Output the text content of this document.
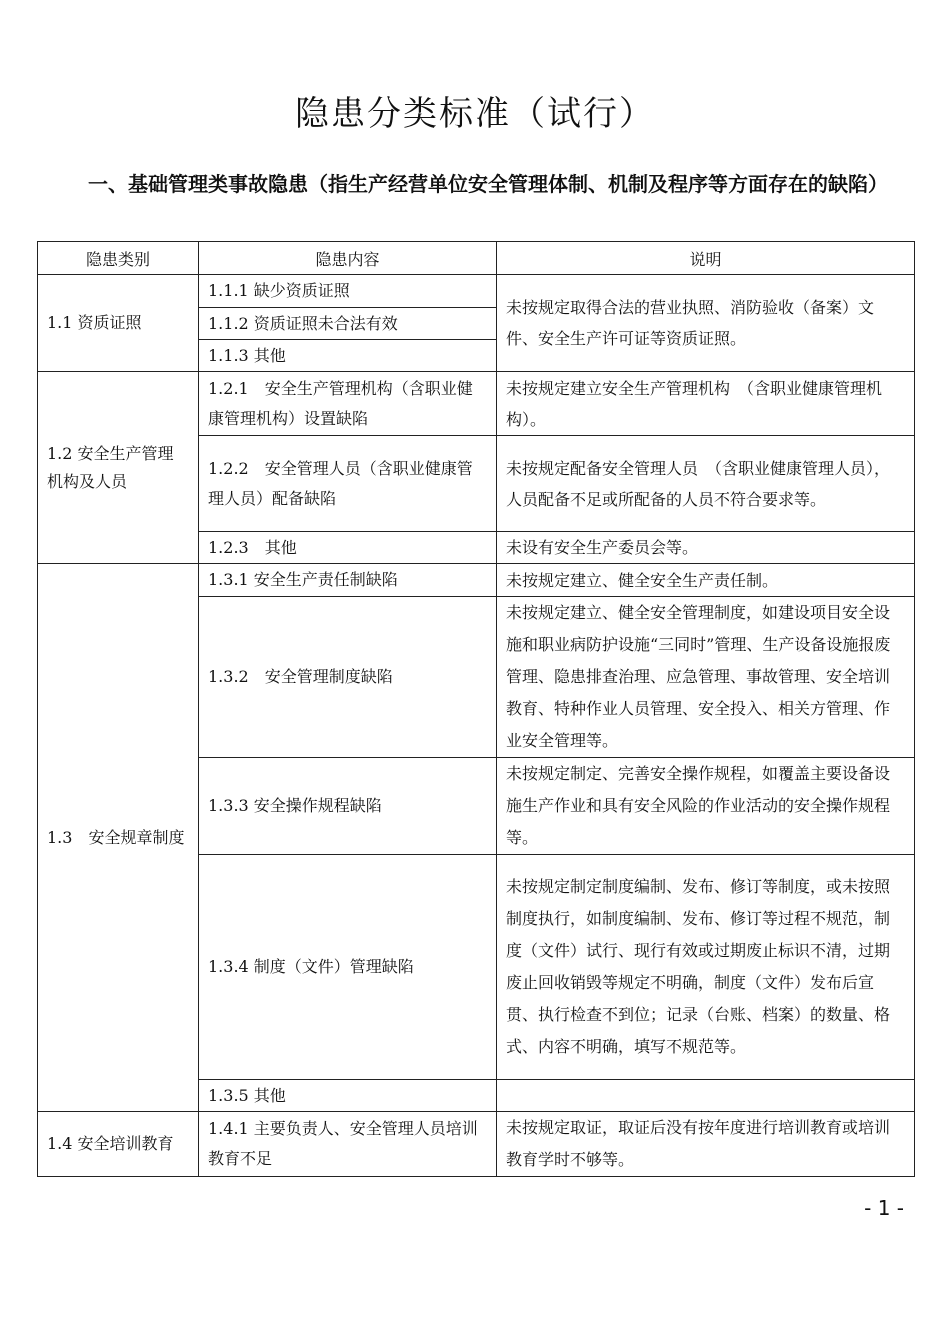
隐患分类标准（试行）
一、基础管理类事故隐患（指生产经营单位安全管理体制、机制及程序等方面存在的缺陷）
隐患类别	隐患内容	说明
1.1 资质证照	1.1.1 缺少资质证照	未按规定取得合法的营业执照、消防验收（备案）文件、安全生产许可证等资质证照。
	1.1.2 资质证照未合法有效	
	1.1.3 其他	
1.2 安全生产管理机构及人员	1.2.1　安全生产管理机构（含职业健康管理机构）设置缺陷	未按规定建立安全生产管理机构　（含职业健康管理机构）。
	1.2.2　安全管理人员（含职业健康管理人员）配备缺陷	未按规定配备安全管理人员　（含职业健康管理人员），人员配备不足或所配备的人员不符合要求等。
	1.2.3　其他	未设有安全生产委员会等。
1.3　安全规章制度	1.3.1 安全生产责任制缺陷	未按规定建立、健全安全生产责任制。
	1.3.2　安全管理制度缺陷	未按规定建立、健全安全管理制度，如建设项目安全设施和职业病防护设施“三同时”管理、生产设备设施报废管理、隐患排查治理、应急管理、事故管理、安全培训教育、特种作业人员管理、安全投入、相关方管理、作业安全管理等。
	1.3.3 安全操作规程缺陷	未按规定制定、完善安全操作规程，如覆盖主要设备设施生产作业和具有安全风险的作业活动的安全操作规程等。
	1.3.4 制度（文件）管理缺陷	未按规定制定制度编制、发布、修订等制度，或未按照制度执行，如制度编制、发布、修订等过程不规范，制度（文件）试行、现行有效或过期废止标识不清，过期废止回收销毁等规定不明确，制度（文件）发布后宣贯、执行检查不到位；记录（台账、档案）的数量、格式、内容不明确，填写不规范等。
	1.3.5 其他	
1.4 安全培训教育	1.4.1 主要负责人、安全管理人员培训教育不足	未按规定取证，取证后没有按年度进行培训教育或培训教育学时不够等。
- 1 -
